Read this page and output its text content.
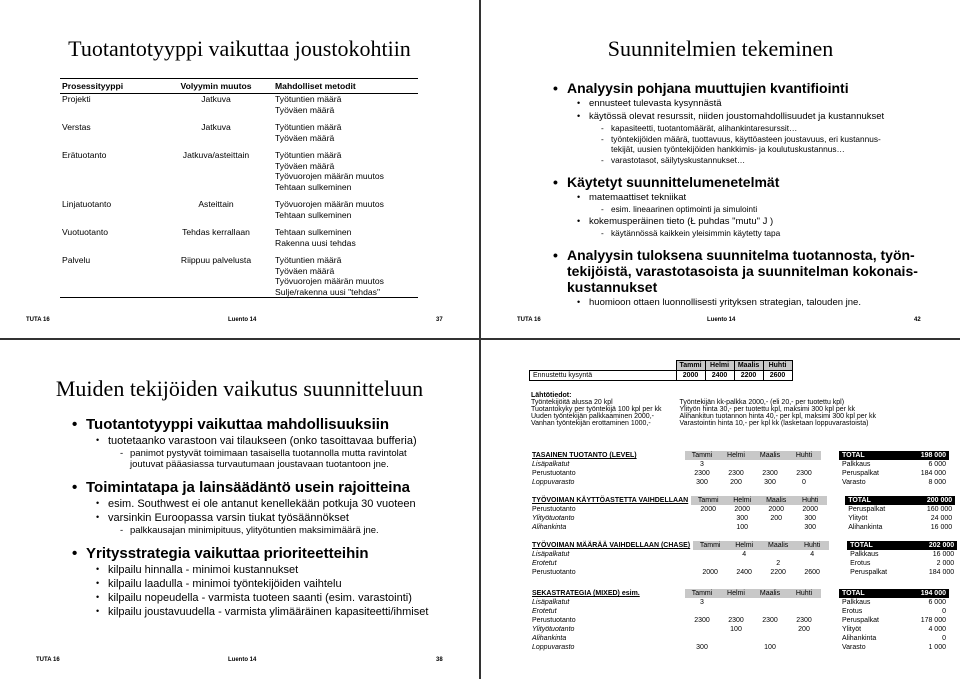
Tuotantotyyppi vaikuttaa joustokohtiin
Prosessityyppi	Volyymin muutos	Mahdolliset metodit
Projekti	Jatkuva	Työtuntien määrä
		Työväen määrä
Verstas	Jatkuva	Työtuntien määrä
		Työväen määrä
Erätuotanto	Jatkuva/asteittain	Työtuntien määrä
		Työväen määrä
		Työvuorojen määrän muutos
		Tehtaan sulkeminen
Linjatuotanto	Asteittain	Työvuorojen määrän muutos
		Tehtaan sulkeminen
Vuotuotanto	Tehdas kerrallaan	Tehtaan sulkeminen
		Rakenna uusi tehdas
Palvelu	Riippuu palvelusta	Työtuntien määrä
		Työväen määrä
		Työvuorojen määrän muutos
		Sulje/rakenna uusi "tehdas"
TUTA 16	Luento 14	37
Suunnitelmien tekeminen
• Analyysin pohjana muuttujien kvantifiointi
• ennusteet tulevasta kysynnästä
• käytössä olevat resurssit, niiden joustomahdollisuudet ja kustannukset
- kapasiteetti, tuotantomäärät, alihankintaresurssit…
- työntekijöiden määrä, tuottavuus, käyttöasteen joustavuus, eri kustannus-
tekijät, uusien työntekijöiden hankkimis- ja koulutuskustannus…
- varastotasot, säilytyskustannukset…
• Käytetyt suunnittelumenetelmät
• matemaattiset tekniikat
- esim. lineaarinen optimointi ja simulointi
• kokemusperäinen tieto (Ł puhdas "mutu" J )
- käytännössä kaikkein yleisimmin käytetty tapa
• Analyysin tuloksena suunnitelma tuotannosta, työn-
tekijöistä, varastotasoista ja suunnitelman kokonais-
kustannukset
• huomioon ottaen luonnollisesti yrityksen strategian, talouden jne.
TUTA 16	Luento 14	42
Muiden tekijöiden vaikutus suunnitteluun
• Tuotantotyyppi vaikuttaa mahdollisuuksiin
• tuotetaanko varastoon vai tilaukseen (onko tasoittavaa bufferia)
- panimot pystyvät toimimaan tasaisella tuotannolla mutta ravintolat
joutuvat pääasiassa turvautumaan joustavaan tuotantoon jne.
• Toimintatapa ja lainsäädäntö usein rajoitteina
• esim. Southwest ei ole antanut kenellekään potkuja 30 vuoteen
• varsinkin Euroopassa varsin tiukat työsäännökset
- palkkausajan minimipituus, ylityötuntien maksimimäärä jne.
• Yritysstrategia vaikuttaa prioriteetteihin
• kilpailu hinnalla - minimoi kustannukset
• kilpailu laadulla - minimoi työntekijöiden vaihtelu
• kilpailu nopeudella - varmista tuoteen saanti (esim. varastointi)
• kilpailu joustavuudella - varmista ylimääräinen kapasiteetti/ihmiset
TUTA 16	Luento 14	38
	Tammi	Helmi	Maalis	Huhti
Ennustettu kysyntä	2000	2400	2200	2600
Lähtötiedot:
Työntekijöitä alussa 20 kpl
Tuotantokyky per työntekijä 100 kpl per kk
Uuden työntekijän palkkaaminen 2000,-
Vanhan työntekijän erottaminen 1000,-
Työntekijän kk-palkka 2000,- (eli 20,- per tuotettu kpl)
Ylityön hinta 30,- per tuotettu kpl, maksimi 300 kpl per kk
Alihankitun tuotannon hinta 40,- per kpl, maksimi 300 kpl per kk
Varastointin hinta 10,- per kpl kk (lasketaan loppuvarastoista)
TASAINEN TUOTANTO (LEVEL)	Tammi	Helmi	Maalis	Huhti		TOTAL	198 000
Lisäpalkatut	3					Palkkaus	6 000
Perustuotanto	2300	2300	2300	2300		Peruspalkat	184 000
Loppuvarasto	300	200	300	0		Varasto	8 000
TYÖVOIMAN KÄYTTÖASTETTA VAIHDELLAAN	Tammi	Helmi	Maalis	Huhti		TOTAL	200 000
Perustuotanto	2000	2000	2000	2000		Peruspalkat	160 000
Ylityötuotanto		300	200	300		Ylityöt	24 000
Alihankinta		100		300		Alihankinta	16 000
TYÖVOIMAN MÄÄRÄÄ VAIHDELLAAN (CHASE)	Tammi	Helmi	Maalis	Huhti		TOTAL	202 000
Lisäpalkatut		4		4		Palkkaus	16 000
Erotetut			2			Erotus	2 000
Perustuotanto	2000	2400	2200	2600		Peruspalkat	184 000
SEKASTRATEGIA (MIXED) esim.	Tammi	Helmi	Maalis	Huhti		TOTAL	194 000
Lisäpalkatut	3					Palkkaus	6 000
Erotetut						Erotus	0
Perustuotanto	2300	2300	2300	2300		Peruspalkat	178 000
Ylityötuotanto		100		200		Ylityöt	4 000
Alihankinta						Alihankinta	0
Loppuvarasto	300		100			Varasto	1 000
